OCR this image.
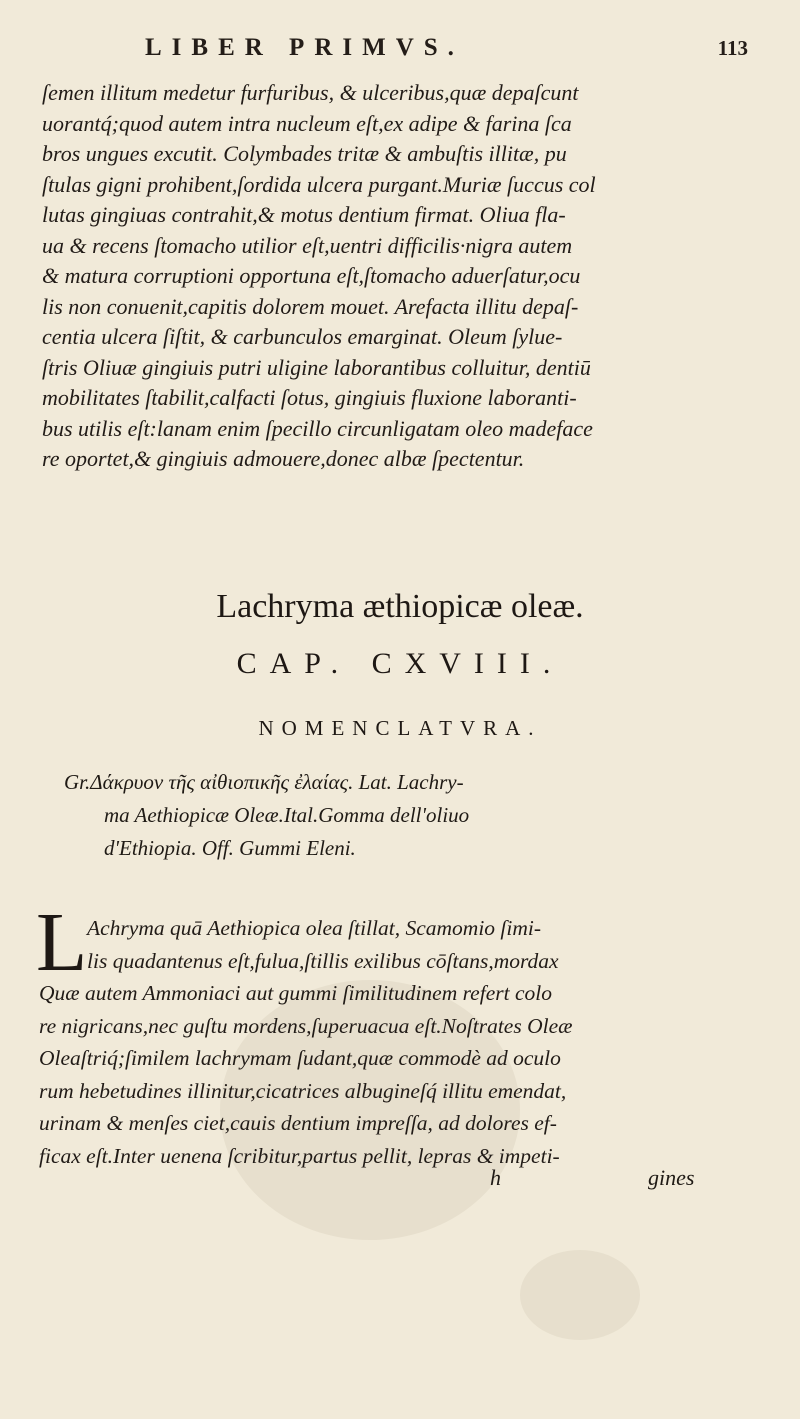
LIBER PRIMVS.	113
ſemen illitum medetur furfuribus, & ulceribus,quæ depaſcunt
uorantq́;quod autem intra nucleum eſt,ex adipe & farina ſca
bros ungues excutit. Colymbades tritæ & ambuſtis illitæ, pu
ſtulas gigni prohibent,ſordida ulcera purgant.Muriæ ſuccus col
lutas gingiuas contrahit,& motus dentium firmat. Oliua fla-
ua & recens ſtomacho utilior eſt,uentri difficilis·nigra autem
& matura corruptioni opportuna eſt,ſtomacho aduerſatur,ocu
lis non conuenit,capitis dolorem mouet. Arefacta illitu depaſ-
centia ulcera ſiſtit, & carbunculos emarginat. Oleum ſylue-
ſtris Oliuæ gingiuis putri uligine laborantibus colluitur, dentiū
mobilitates ſtabilit,calfacti ſotus, gingiuis fluxione laboranti-
bus utilis eſt:lanam enim ſpecillo circunligatam oleo madeface
re oportet,& gingiuis admouere,donec albæ ſpectentur.
Lachryma æthiopicæ oleæ.
CAP. CXVIII.
NOMENCLATVRA.
Gr.Δάκρυον τῆς αἰθιοπικῆς ἐλαίας. Lat. Lachry-
ma Aethiopicæ Oleæ.Ital.Gomma dell'oliuo
d'Ethiopia. Off. Gummi Eleni.
L Achryma quā Aethiopica olea ſtillat, Scamomio ſimi-
lis quadantenus eſt,fulua,ſtillis exilibus cōſtans,mordax
Quæ autem Ammoniaci aut gummi ſimilitudinem refert colo
re nigricans,nec guſtu mordens,ſuperuacua eſt.Noſtrates Oleæ
Oleaſtriq́;ſimilem lachrymam ſudant,quæ commodè ad oculo
rum hebetudines illinitur,cicatrices albugineſq́ illitu emendat,
urinam & menſes ciet,cauis dentium impreſſa, ad dolores ef-
ficax eſt.Inter uenena ſcribitur,partus pellit, lepras & impeti-
h	gines
